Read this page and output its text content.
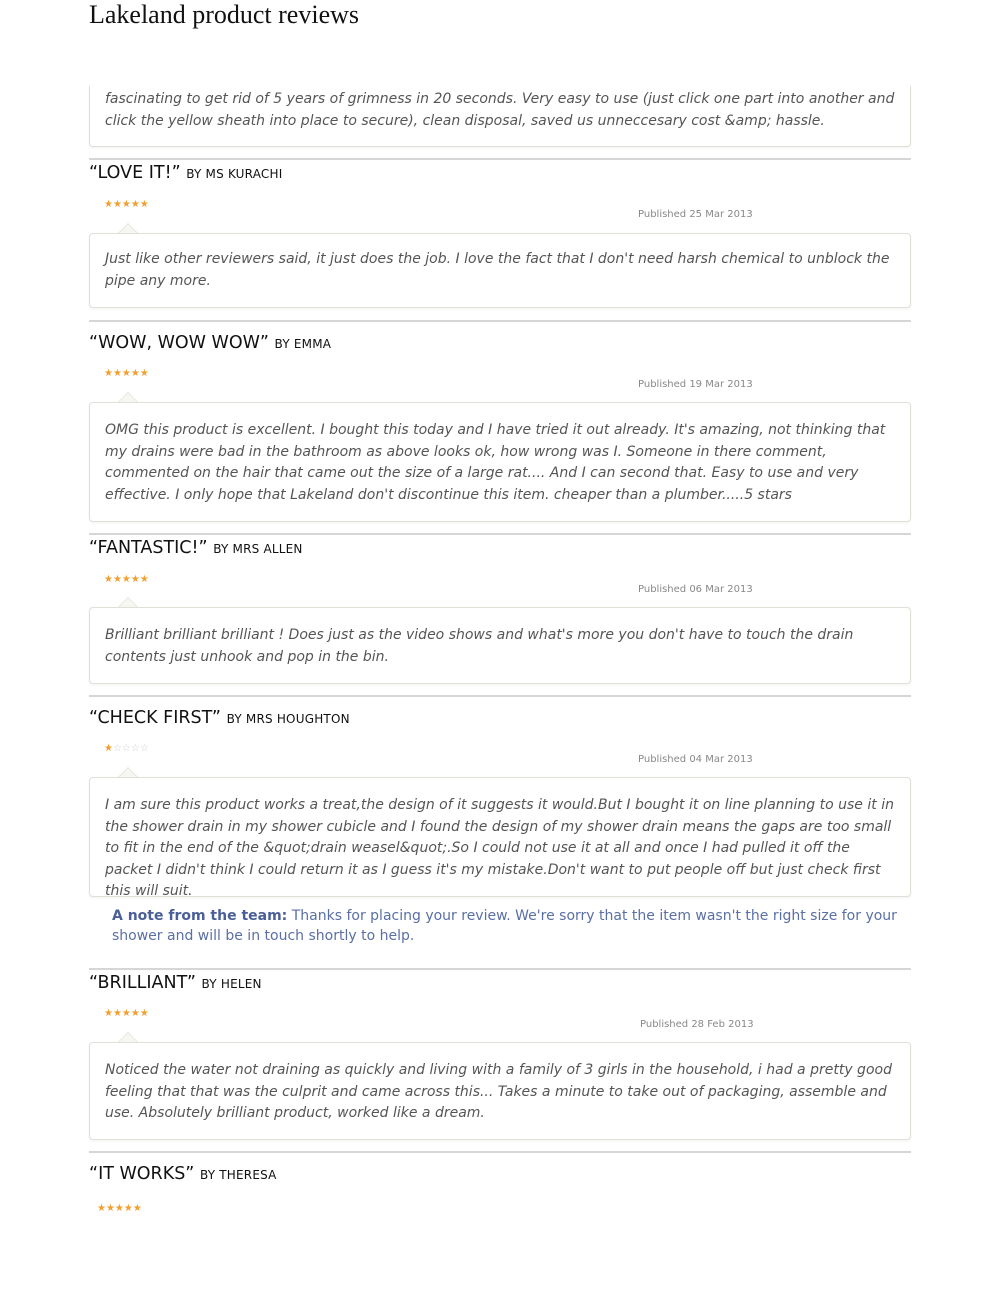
Lakeland product reviews

fascinating to get rid of 5 years of grimness in 20 seconds. Very easy to use (just click one part into another and click the yellow sheath into place to secure), clean disposal, saved us unneccesary cost &amp; hassle.

“LOVE IT!” BY MS KURACHI
★★★★★
Published 25 Mar 2013

Just like other reviewers said, it just does the job. I love the fact that I don't need harsh chemical to unblock the pipe any more.

“WOW, WOW WOW” BY EMMA
★★★★★
Published 19 Mar 2013

OMG this product is excellent. I bought this today and I have tried it out already. It's amazing, not thinking that my drains were bad in the bathroom as above looks ok, how wrong was I. Someone in there comment, commented on the hair that came out the size of a large rat.... And I can second that. Easy to use and very effective. I only hope that Lakeland don't discontinue this item. cheaper than a plumber.....5 stars

“FANTASTIC!” BY MRS ALLEN
★★★★★
Published 06 Mar 2013

Brilliant brilliant brilliant ! Does just as the video shows and what's more you don't have to touch the drain contents just unhook and pop in the bin.

“CHECK FIRST” BY MRS HOUGHTON
★☆☆☆☆
Published 04 Mar 2013

I am sure this product works a treat,the design of it suggests it would.But I bought it on line planning to use it in the shower drain in my shower cubicle and I found the design of my shower drain means the gaps are too small to fit in the end of the &quot;drain weasel&quot;.So I could not use it at all and once I had pulled it off the packet I didn't think I could return it as I guess it's my mistake.Don't want to put people off but just check first this will suit.

A note from the team: Thanks for placing your review. We're sorry that the item wasn't the right size for your shower and will be in touch shortly to help.
“BRILLIANT” BY HELEN
★★★★★
Published 28 Feb 2013

Noticed the water not draining as quickly and living with a family of 3 girls in the household, i had a pretty good feeling that that was the culprit and came across this... Takes a minute to take out of packaging, assemble and use. Absolutely brilliant product, worked like a dream.

“IT WORKS” BY THERESA
★★★★★
